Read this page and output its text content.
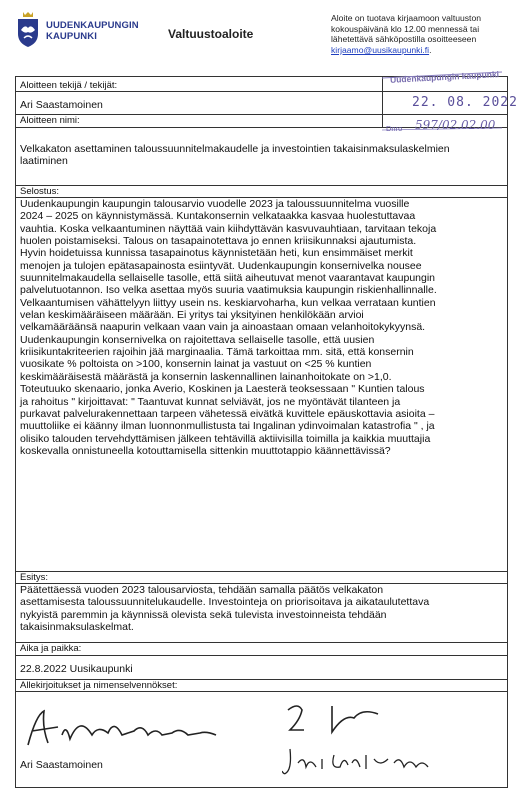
UUDENKAUPUNGIN
KAUPUNKI	Valtuustoaloite
Aloite on tuotava kirjaamoon valtuuston kokouspäivänä klo 12.00 mennessä tai lähetettävä sähköpostilla osoitteeseen kirjaamo@uusikaupunki.fi.
Aloitteen tekijä / tekijät:
Ari Saastamoinen
Aloitteen nimi:
Velkakaton asettaminen taloussuunnitelmakaudelle ja investointien takaisinmaksulaskelmien laatiminen
Selostus:
Uudenkaupungin kaupungin talousarvio vuodelle 2023 ja taloussuunnitelma vuosille
2024 – 2025 on käynnistymässä. Kuntakonsernin velkataakka kasvaa huolestuttavaa
vauhtia. Koska velkaantuminen näyttää vain kiihdyttävän kasvuvauhtiaan, tarvitaan tekoja
huolen poistamiseksi. Talous on tasapainotettava jo ennen kriisikunnaksi ajautumista.
Hyvin hoidetuissa kunnissa tasapainotus käynnistetään heti, kun ensimmäiset merkit
menojen ja tulojen epätasapainosta esiintyvät. Uudenkaupungin konsernivelka nousee
suunnitelmakaudella sellaiselle tasolle, että siitä aiheutuvat menot vaarantavat kaupungin
palvelutuotannon. Iso velka asettaa myös suuria vaatimuksia kaupungin riskienhallinnalle.
Velkaantumisen vähättelyyn liittyy usein ns. keskiarvoharha, kun velkaa verrataan kuntien
velan keskimääräiseen määrään. Ei yritys tai yksityinen henkilökään arvioi
velkamääräänsä naapurin velkaan vaan vain ja ainoastaan omaan velanhoitokykyynsä.
Uudenkaupungin konsernivelka on rajoitettava sellaiselle tasolle, että uusien
kriisikuntakriteerien rajoihin jää marginaalia. Tämä tarkoittaa mm. sitä, että konsernin
vuosikate % poltoista on >100, konsernin lainat ja vastuut on <25 % kuntien
keskimääräisestä määrästä ja konsernin laskennallinen lainanhoitokate on >1,0.
Toteutuuko skenaario, jonka Averio, Koskinen ja Laesterä teoksessaan " Kuntien talous
ja rahoitus " kirjoittavat: " Taantuvat kunnat selviävät, jos ne myöntävät tilanteen ja
purkavat palvelurakennettaan tarpeen vähetessä eivätkä kuvittele epäuskottavia asioita –
muuttoliike ei käänny ilman luonnonmullistusta tai Ingalinan ydinvoimalan katastrofia " , ja
olisiko talouden tervehdyttämisen jälkeen tehtävillä aktiivisilla toimilla ja kaikkia muuttajia
koskevalla onnistuneella kotouttamisella sittenkin muuttotappio käännettävissä?
Esitys:
Päätettäessä vuoden 2023 talousarviosta, tehdään samalla päätös velkakaton
asettamisesta taloussuunnitelukaudelle. Investointeja on priorisoitava ja aikataulutettava
nykyistä paremmin ja käynnissä olevista sekä tulevista investoinneista tehdään
takaisinmaksulaskelmat.
Aika ja paikka:
22.8.2022 Uusikaupunki
Allekirjoitukset ja nimenselvennökset:
Ari Saastamoinen
Uudenkaupungin kaupunki
22. 08. 2022
Dnro 597/02.02.00
